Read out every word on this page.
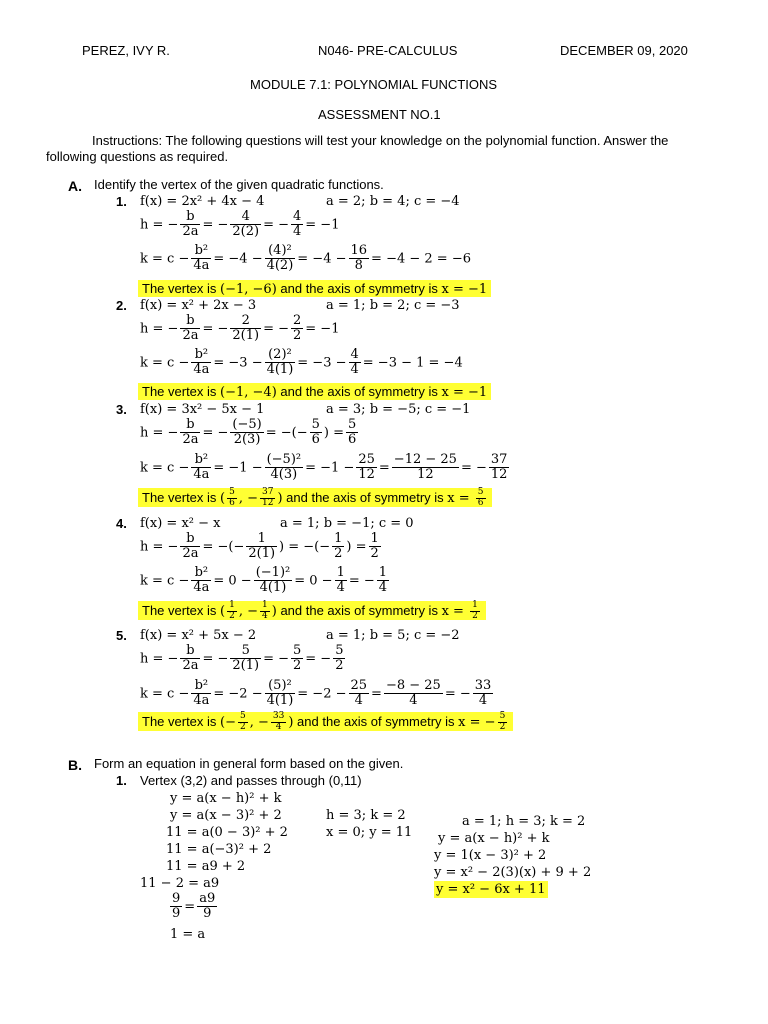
PEREZ, IVY R.	N046- PRE-CALCULUS	DECEMBER 09, 2020
MODULE 7.1: POLYNOMIAL FUNCTIONS
ASSESSMENT NO.1
Instructions: The following questions will test your knowledge on the polynomial function. Answer the
following questions as required.
A. Identify the vertex of the given quadratic functions.
1. f(x) = 2x² + 4x − 4	a = 2; b = 4; c = −4
h = − $\frac{b}{2a}$ = − $\frac{4}{2(2)}$ = − $\frac{4}{4} = -1$
$k = c - \frac{\text{b²}}{4a} = -4 - \frac{\text{(4)²}}{4(2)} = -4 - \frac{16}{8} = -4 - 2 = -6$
The vertex is (−1, −6) and the axis of symmetry is x = −1
2. f(x) = x² + 2x − 3	a = 1; b = 2; c = −3
h = − $\frac{b}{2a}$ = − $\frac{2}{2(1)}$ = − $\frac{2}{2} = -1$
$k = c - \frac{\text{b²}}{4a} = -3 - \frac{\text{(2)²}}{4(1)} = -3 - \frac{4}{4} = -3 - 1 = -4$
The vertex is (−1, −4) and the axis of symmetry is x = −1
3. f(x) = 3x² − 5x − 1	a = 3; b = −5; c = −1
h = − $\frac{b}{2a}$ = − $\frac{(-5)}{2(3)}$ = −(− $\frac{5}{6}$ ) = $\frac{5}{6}$
$k = c - \frac{\text{b²}}{4a} = -1 - \frac{\text{(−5)²}}{4(3)} = -1 - \frac{25}{12} = \frac{-12 - 25}{12}$ = − $\frac{37}{12}$
The vertex is ( $\frac{5}{6}$ , − $\frac{37}{12}$ ) and the axis of symmetry is $x = \frac{5}{6}$
4. f(x) = x² − x	a = 1; b = −1; c = 0
h = − $\frac{b}{2a}$ = −(− $\frac{1}{2(1)}$ ) = −(− $\frac{1}{2}$ ) = $\frac{1}{2}$
$k = c - \frac{\text{b²}}{4a} = 0 - \frac{\text{(−1)²}}{4(1)} = 0 - \frac{1}{4}$ = − $\frac{1}{4}$
The vertex is ( $\frac{1}{2}$ , − $\frac{1}{4}$ ) and the axis of symmetry is $x = \frac{1}{2}$
5. f(x) = x² + 5x − 2	a = 1; b = 5; c = −2
h = − $\frac{b}{2a}$ = − $\frac{5}{2(1)}$ = − $\frac{5}{2}$ = − $\frac{5}{2}$
$k = c - \frac{\text{b²}}{4a} = -2 - \frac{\text{(5)²}}{4(1)} = -2 - \frac{25}{4} = \frac{-8 - 25}{4}$ = − $\frac{33}{4}$
The vertex is (− $\frac{5}{2}$ , − $\frac{33}{4}$ ) and the axis of symmetry is x = − $\frac{5}{2}$
B. Form an equation in general form based on the given.
1. Vertex (3,2) and passes through (0,11)
y = a(x − h)² + k
y = a(x − 3)² + 2
11 = a(0 − 3)² + 2
11 = a(−3)² + 2
11 = a9 + 2
11 − 2 = a9
$\frac{9}{9} = \frac{a9}{9}$
1 = a
h = 3; k = 2
x = 0; y = 11
a = 1; h = 3; k = 2
y = a(x − h)² + k
y = 1(x − 3)² + 2
y = x² − 2(3)(x) + 9 + 2
y = x² − 6x + 11
